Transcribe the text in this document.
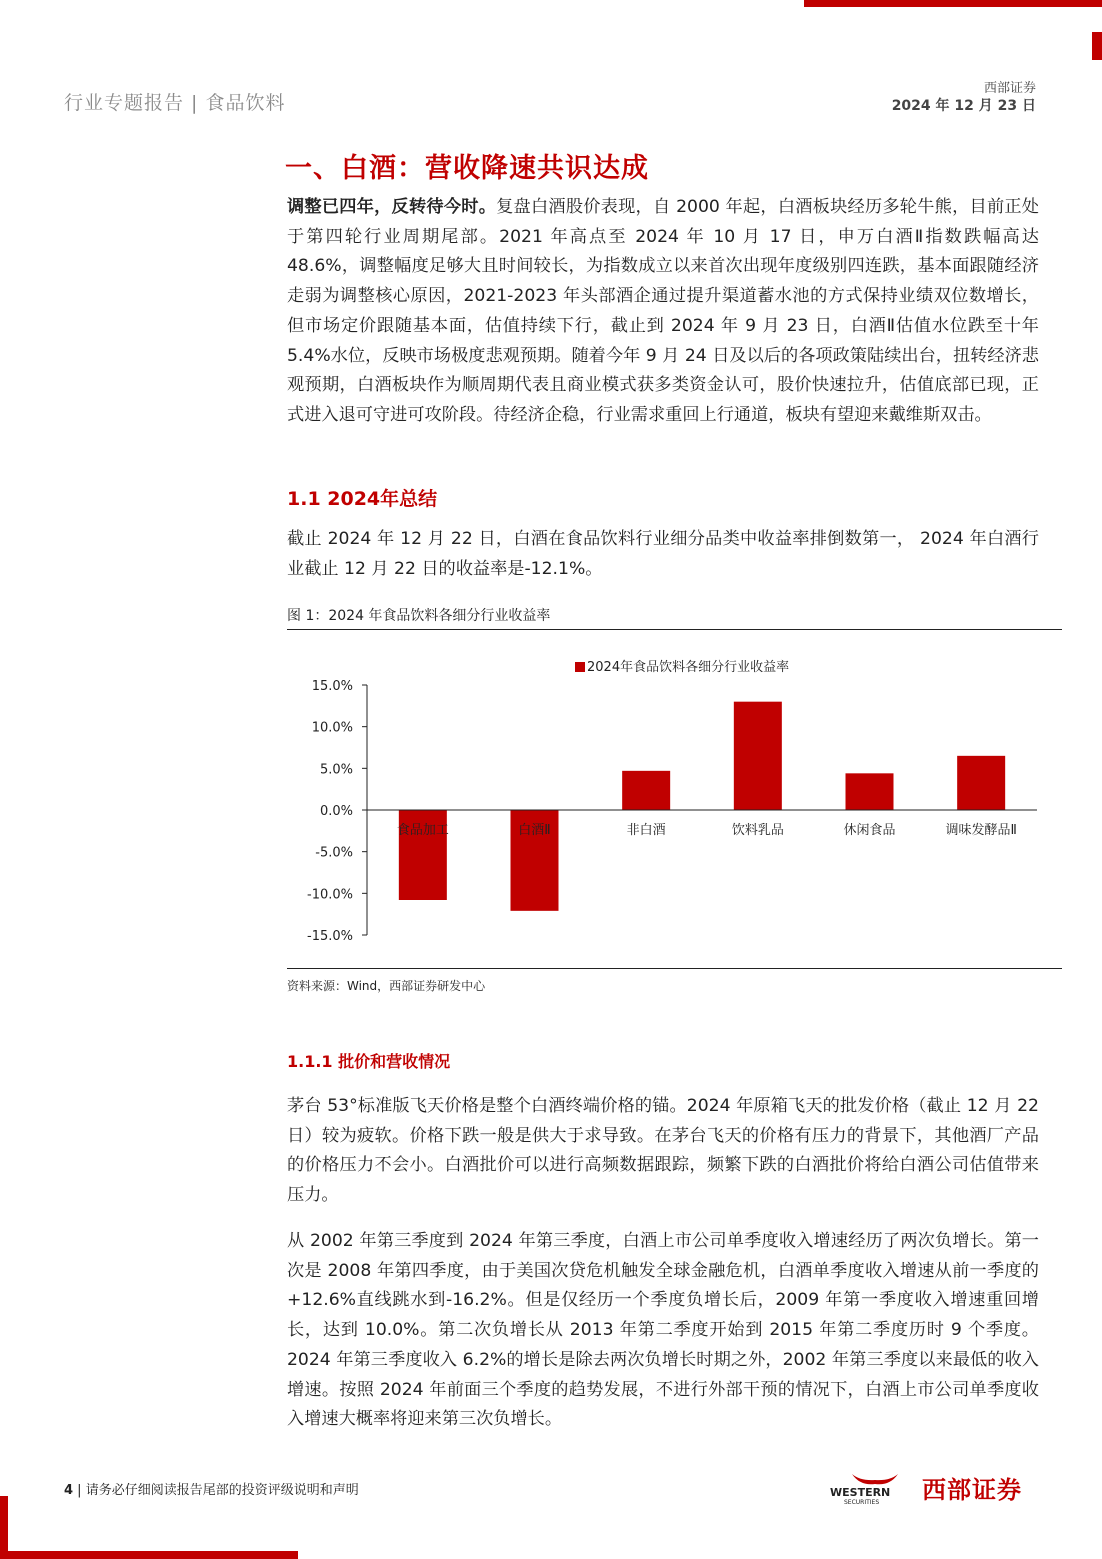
行业专题报告 | 食品饮料
西部证券
2024 年 12 月 23 日
一、白酒：营收降速共识达成
调整已四年，反转待今时。复盘白酒股价表现，自 2000 年起，白酒板块经历多轮牛熊，目前正处于第四轮行业周期尾部。2021 年高点至 2024 年 10 月 17 日，申万白酒Ⅱ指数跌幅高达 48.6%，调整幅度足够大且时间较长，为指数成立以来首次出现年度级别四连跌，基本面跟随经济走弱为调整核心原因，2021-2023 年头部酒企通过提升渠道蓄水池的方式保持业绩双位数增长，但市场定价跟随基本面，估值持续下行，截止到 2024 年 9 月 23 日，白酒Ⅱ估值水位跌至十年 5.4%水位，反映市场极度悲观预期。随着今年 9 月 24 日及以后的各项政策陆续出台，扭转经济悲观预期，白酒板块作为顺周期代表且商业模式获多类资金认可，股价快速拉升，估值底部已现，正式进入退可守进可攻阶段。待经济企稳，行业需求重回上行通道，板块有望迎来戴维斯双击。
1.1 2024年总结
截止 2024 年 12 月 22 日，白酒在食品饮料行业细分品类中收益率排倒数第一， 2024 年白酒行业截止 12 月 22 日的收益率是-12.1%。
图 1：2024 年食品饮料各细分行业收益率
2024年食品饮料各细分行业收益率
15.0%
10.0%
5.0%
0.0%
-5.0%
-10.0%
-15.0%
食品加工	白酒Ⅱ	非白酒	饮料乳品	休闲食品	调味发酵品Ⅱ
资料来源：Wind，西部证券研发中心
1.1.1 批价和营收情况
茅台 53°标准版飞天价格是整个白酒终端价格的锚。2024 年原箱飞天的批发价格（截止 12 月 22 日）较为疲软。价格下跌一般是供大于求导致。在茅台飞天的价格有压力的背景下，其他酒厂产品的价格压力不会小。白酒批价可以进行高频数据跟踪，频繁下跌的白酒批价将给白酒公司估值带来压力。
从 2002 年第三季度到 2024 年第三季度，白酒上市公司单季度收入增速经历了两次负增长。第一次是 2008 年第四季度，由于美国次贷危机触发全球金融危机，白酒单季度收入增速从前一季度的+12.6%直线跳水到-16.2%。但是仅经历一个季度负增长后，2009 年第一季度收入增速重回增长，达到 10.0%。第二次负增长从 2013 年第二季度开始到 2015 年第二季度历时 9 个季度。2024 年第三季度收入 6.2%的增长是除去两次负增长时期之外，2002 年第三季度以来最低的收入增速。按照 2024 年前面三个季度的趋势发展，不进行外部干预的情况下，白酒上市公司单季度收入增速大概率将迎来第三次负增长。
4 | 请务必仔细阅读报告尾部的投资评级说明和声明	WESTERN
SECURITIES 西部证券
